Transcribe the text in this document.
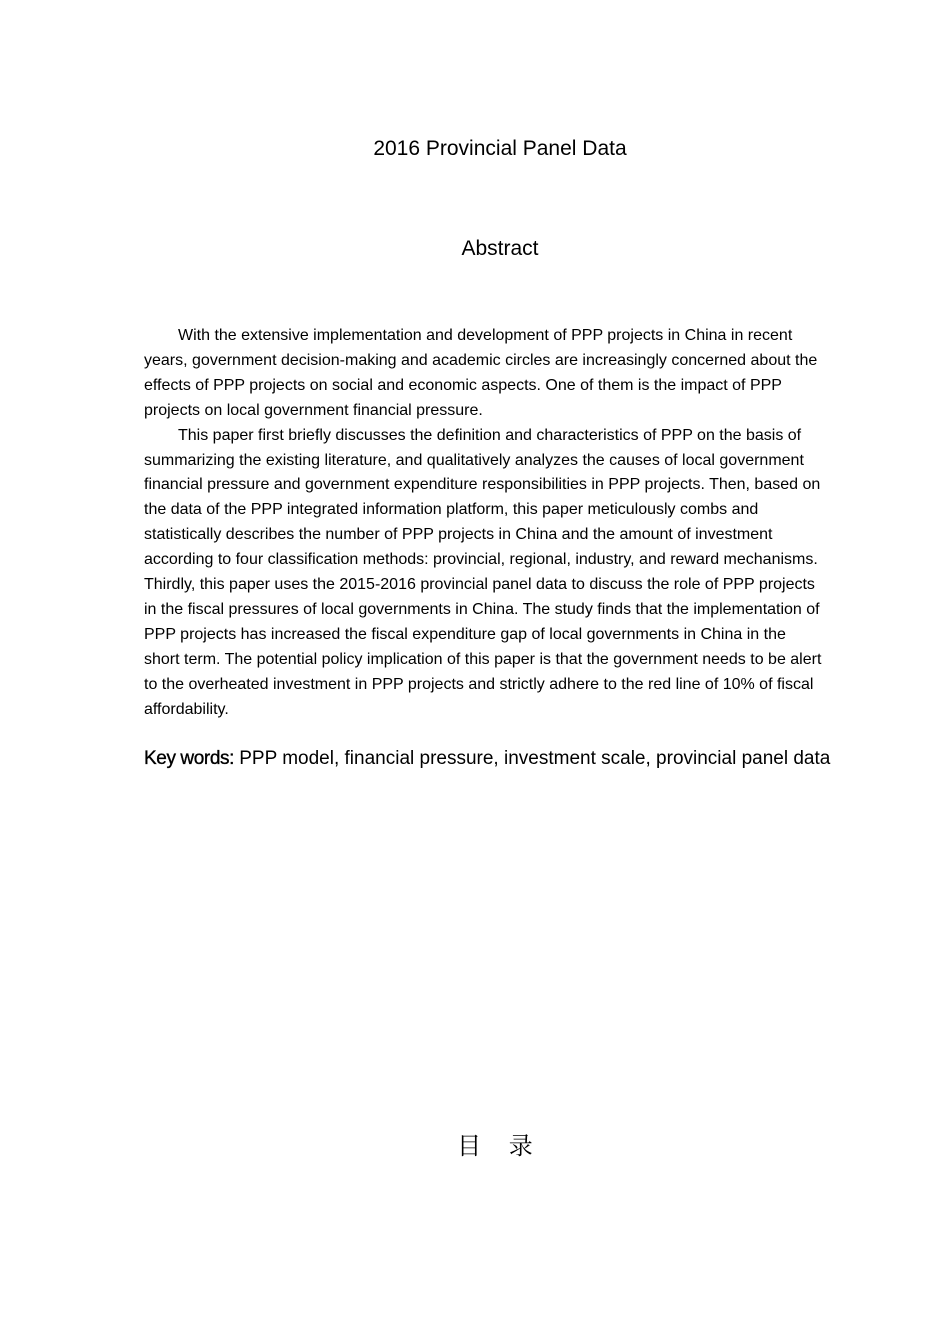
2016 Provincial Panel Data
Abstract

With the extensive implementation and development of PPP projects in China in recent
years, government decision-making and academic circles are increasingly concerned about the
effects of PPP projects on social and economic aspects. One of them is the impact of PPP
projects on local government financial pressure.

This paper first briefly discusses the definition and characteristics of PPP on the basis of
summarizing the existing literature, and qualitatively analyzes the causes of local government
financial pressure and government expenditure responsibilities in PPP projects. Then, based on
the data of the PPP integrated information platform, this paper meticulously combs and
statistically describes the number of PPP projects in China and the amount of investment
according to four classification methods: provincial, regional, industry, and reward mechanisms.
Thirdly, this paper uses the 2015-2016 provincial panel data to discuss the role of PPP projects
in the fiscal pressures of local governments in China. The study finds that the implementation of
PPP projects has increased the fiscal expenditure gap of local governments in China in the
short term. The potential policy implication of this paper is that the government needs to be alert
to the overheated investment in PPP projects and strictly adhere to the red line of 10% of fiscal
affordability.

Key words: PPP model, financial pressure, investment scale, provincial panel data
目 录
